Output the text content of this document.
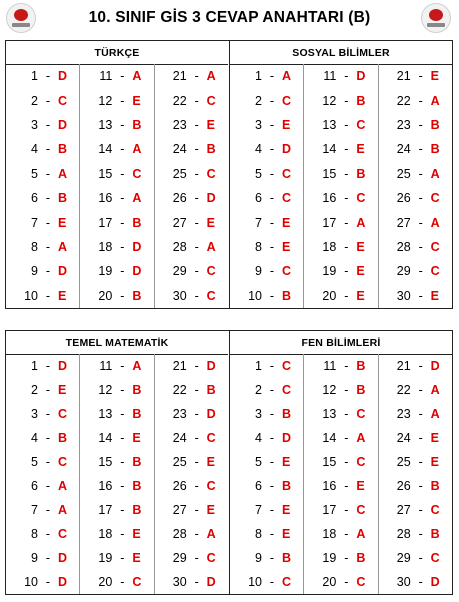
10. SINIF GİS 3 CEVAP ANAHTARI (B)
TÜRKÇE
1 - D
2 - C
3 - D
4 - B
5 - A
6 - B
7 - E
8 - A
9 - D
10 - E
11 - A
12 - E
13 - B
14 - A
15 - C
16 - A
17 - B
18 - D
19 - D
20 - B
21 - A
22 - C
23 - E
24 - B
25 - C
26 - D
27 - E
28 - A
29 - C
30 - C
SOSYAL BİLİMLER
1 - A
2 - C
3 - E
4 - D
5 - C
6 - C
7 - E
8 - E
9 - C
10 - B
11 - D
12 - B
13 - C
14 - E
15 - B
16 - C
17 - A
18 - E
19 - E
20 - E
21 - E
22 - A
23 - B
24 - B
25 - A
26 - C
27 - A
28 - C
29 - C
30 - E
TEMEL MATEMATİK
1 - D
2 - E
3 - C
4 - B
5 - C
6 - A
7 - A
8 - C
9 - D
10 - D
11 - A
12 - B
13 - B
14 - E
15 - B
16 - B
17 - B
18 - E
19 - E
20 - C
21 - D
22 - B
23 - D
24 - C
25 - E
26 - C
27 - E
28 - A
29 - C
30 - D
FEN BİLİMLERİ
1 - C
2 - C
3 - B
4 - D
5 - E
6 - B
7 - E
8 - E
9 - B
10 - C
11 - B
12 - B
13 - C
14 - A
15 - C
16 - E
17 - C
18 - A
19 - B
20 - C
21 - D
22 - A
23 - A
24 - E
25 - E
26 - B
27 - C
28 - B
29 - C
30 - D
